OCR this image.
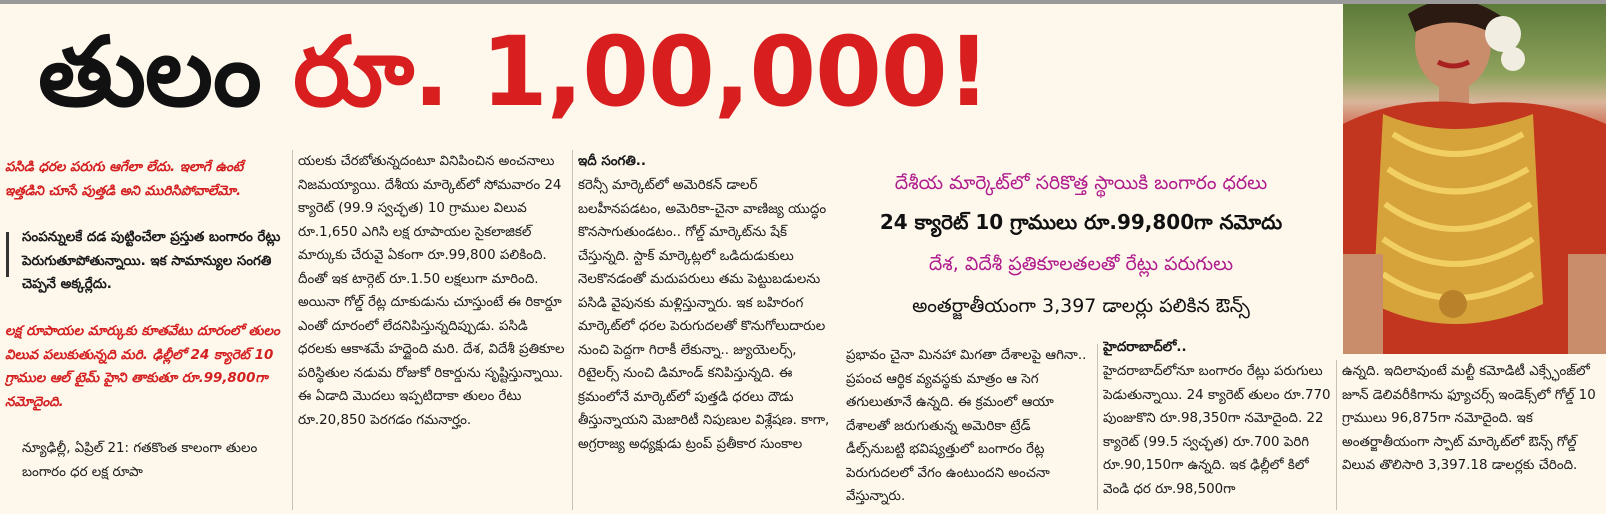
తులం రూ. 1,00,000!
పసిడి ధరల పరుగు ఆగేలా లేదు. ఇలాగే ఉంటే ఇత్తడిని చూసే పుత్తడి అని మురిసిపోవాలేమో.
సంపన్నులకే దడ పుట్టించేలా ప్రస్తుత బంగారం రేట్లు పెరుగుతూపోతున్నాయి. ఇక సామాన్యుల సంగతి చెప్పనే అక్కర్లేదు.
లక్ష రూపాయల మార్కుకు కూతవేటు దూరంలో తులం విలువ పలుకుతున్నది మరి. ఢిల్లీలో 24 క్యారెట్ 10 గ్రాముల ఆల్ టైమ్ హైని తాకుతూ రూ.99,800గా నమోదైంది.
న్యూఢిల్లీ, ఏప్రిల్ 21: గతకొంత కాలంగా తులం బంగారం ధర లక్ష రూపా
యలకు చేరబోతున్నదంటూ వినిపించిన అంచనాలు నిజమయ్యాయి. దేశీయ మార్కెట్‌లో సోమవారం 24 క్యారెట్ (99.9 స్వచ్ఛత) 10 గ్రాముల విలువ రూ.1,650 ఎగిసి లక్ష రూపాయల సైకలాజికల్ మార్కుకు చేరువై ఏకంగా రూ.99,800 పలికింది. దీంతో ఇక టార్గెట్ రూ.1.50 లక్షలుగా మారింది. అయినా గోల్డ్ రేట్ల దూకుడును చూస్తుంటే ఈ రికార్డూ ఎంతో దూరంలో లేదనిపిస్తున్నదిప్పుడు. పసిడి ధరలకు ఆకాశమే హద్దైంది మరి. దేశ, విదేశీ ప్రతికూల పరిస్థితుల నడుమ రోజుకో రికార్డును సృష్టిస్తున్నాయి. ఈ ఏడాది మొదలు ఇప్పటిదాకా తులం రేటు రూ.20,850 పెరగడం గమనార్హం.
ఇదీ సంగతి..
కరెన్సీ మార్కెట్‌లో అమెరికన్ డాలర్ బలహీనపడటం, అమెరికా-చైనా వాణిజ్య యుద్ధం కొనసాగుతుండటం.. గోల్డ్ మార్కెట్‌ను షేక్ చేస్తున్నది. స్టాక్ మార్కెట్లలో ఒడిదుడుకులు నెలకొనడంతో మదుపరులు తమ పెట్టుబడులను పసిడి వైపునకు మళ్లిస్తున్నారు. ఇక బహిరంగ మార్కెట్‌లో ధరల పెరుగుదలతో కొనుగోలుదారుల నుంచి పెద్దగా గిరాకీ లేకున్నా.. జ్యుయెలర్స్, రిటైలర్స్ నుంచి డిమాండ్ కనిపిస్తున్నది. ఈ క్రమంలోనే మార్కెట్‌లో పుత్తడి ధరలు దౌడు తీస్తున్నాయని మెజారిటీ నిపుణుల విశ్లేషణ. కాగా, అగ్రరాజ్య అధ్యక్షుడు ట్రంప్ ప్రతీకార సుంకాల
దేశీయ మార్కెట్‌లో సరికొత్త స్థాయికి బంగారం ధరలు
24 క్యారెట్ 10 గ్రాములు రూ.99,800గా నమోదు
దేశ, విదేశీ ప్రతికూలతలతో రేట్లు పరుగులు
అంతర్జాతీయంగా 3,397 డాలర్లు పలికిన ఔన్స్
ప్రభావం చైనా మినహా మిగతా దేశాలపై ఆగినా.. ప్రపంచ ఆర్థిక వ్యవస్థకు మాత్రం ఆ సెగ తగులుతూనే ఉన్నది. ఈ క్రమంలో ఆయా దేశాలతో జరుగుతున్న అమెరికా ట్రేడ్ డీల్స్‌నుబట్టి భవిష్యత్తులో బంగారం రేట్ల పెరుగుదలలో వేగం ఉంటుందని అంచనా వేస్తున్నారు.
హైదరాబాద్‌లో..
హైదరాబాద్‌లోనూ బంగారం రేట్లు పరుగులు పెడుతున్నాయి. 24 క్యారెట్ తులం రూ.770 పుంజుకొని రూ.98,350గా నమోదైంది. 22 క్యారెట్ (99.5 స్వచ్ఛత) రూ.700 పెరిగి రూ.90,150గా ఉన్నది. ఇక ఢిల్లీలో కిలో వెండి ధర రూ.98,500గా
ఉన్నది. ఇదిలావుంటే మల్టీ కమోడిటీ ఎక్స్ఛేంజ్‌లో జూన్ డెలివరీకిగాను ఫ్యూచర్స్ ఇండెక్స్‌లో గోల్డ్ 10 గ్రాములు 96,875గా నమోదైంది. ఇక అంతర్జాతీయంగా స్పాట్ మార్కెట్‌లో ఔన్స్ గోల్డ్ విలువ తొలిసారి 3,397.18 డాలర్లకు చేరింది.
